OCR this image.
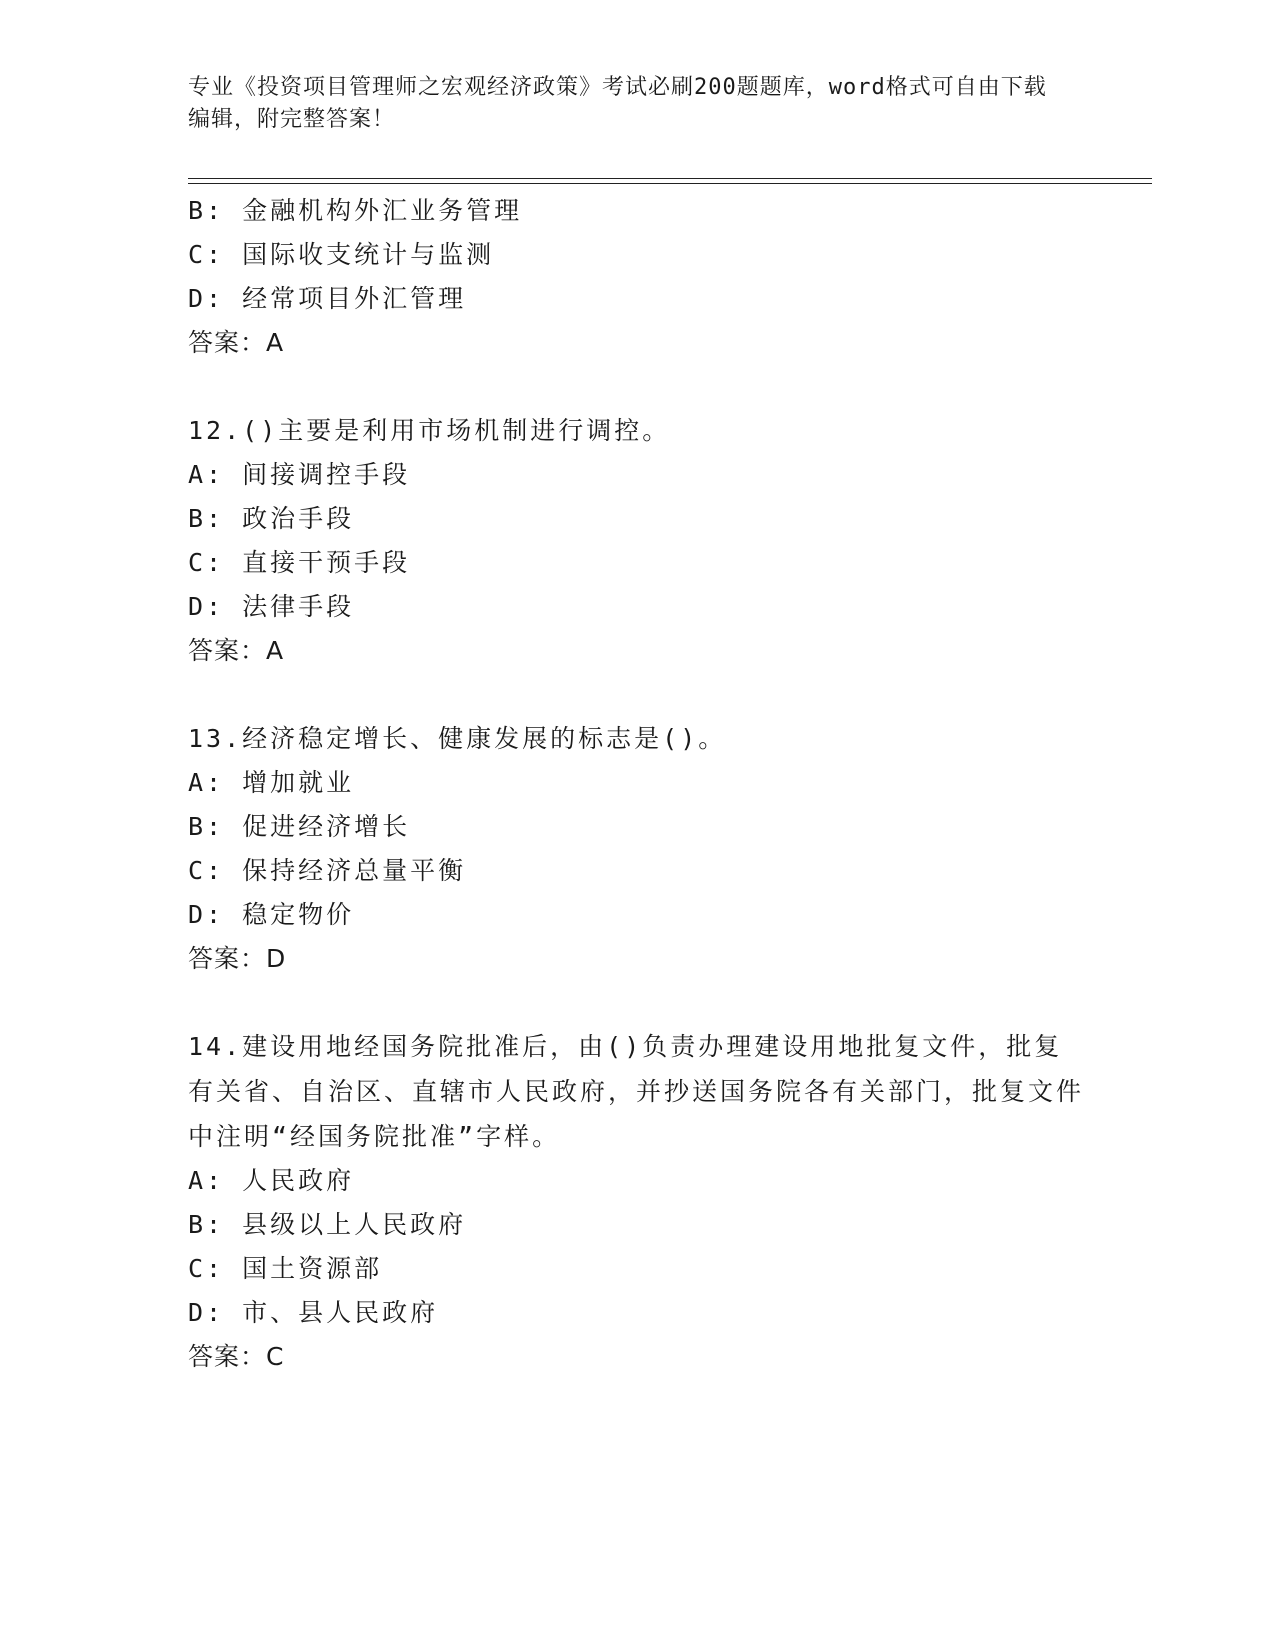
专业《投资项目管理师之宏观经济政策》考试必刷200题题库，word格式可自由下载编辑，附完整答案！
B: 金融机构外汇业务管理
C: 国际收支统计与监测
D: 经常项目外汇管理
答案：A
12.()主要是利用市场机制进行调控。
A: 间接调控手段
B: 政治手段
C: 直接干预手段
D: 法律手段
答案：A
13.经济稳定增长、健康发展的标志是()。
A: 增加就业
B: 促进经济增长
C: 保持经济总量平衡
D: 稳定物价
答案：D
14.建设用地经国务院批准后，由()负责办理建设用地批复文件，批复有关省、自治区、直辖市人民政府，并抄送国务院各有关部门，批复文件中注明“经国务院批准”字样。
A: 人民政府
B: 县级以上人民政府
C: 国土资源部
D: 市、县人民政府
答案：C
